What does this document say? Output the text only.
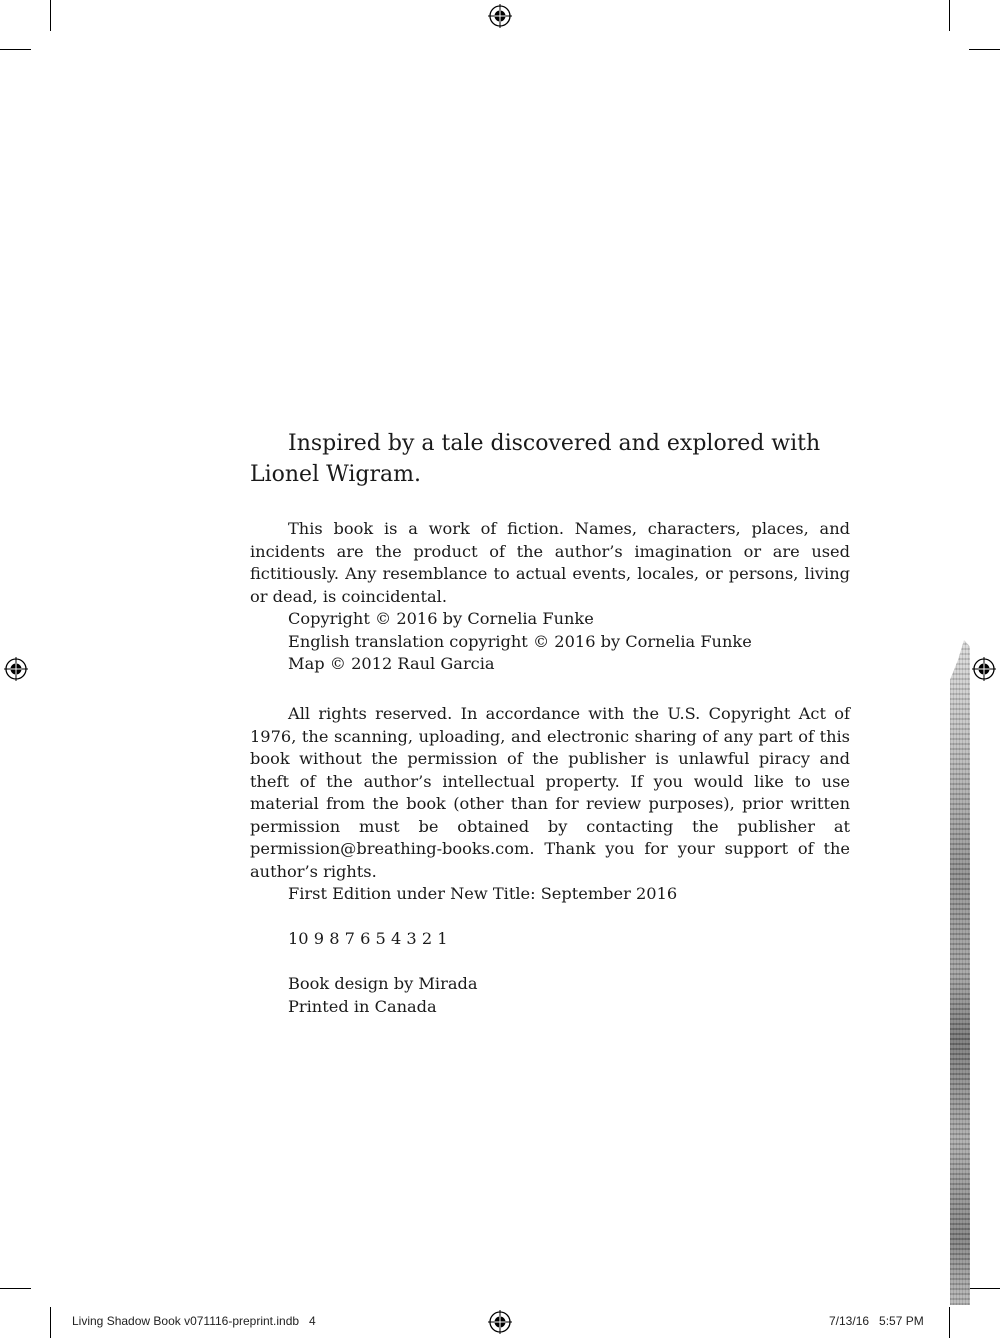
Inspired by a tale discovered and explored with Lionel Wigram.

This book is a work of fiction. Names, characters, places, and incidents are the product of the author’s imagination or are used fictitiously. Any resemblance to actual events, locales, or persons, living or dead, is coincidental.

Copyright © 2016 by Cornelia Funke

English translation copyright © 2016 by Cornelia Funke

Map © 2012 Raul Garcia

All rights reserved. In accordance with the U.S. Copyright Act of 1976, the scanning, uploading, and electronic sharing of any part of this book without the permission of the publisher is unlawful piracy and theft of the author’s intellectual property. If you would like to use material from the book (other than for review purposes), prior written permission must be obtained by contacting the publisher at permission@breathing-books.com. Thank you for your support of the author’s rights.

First Edition under New Title: September 2016

10 9 8 7 6 5 4 3 2 1

Book design by Mirada

Printed in Canada

Living Shadow Book v071116-preprint.indb   4	7/13/16   5:57 PM
